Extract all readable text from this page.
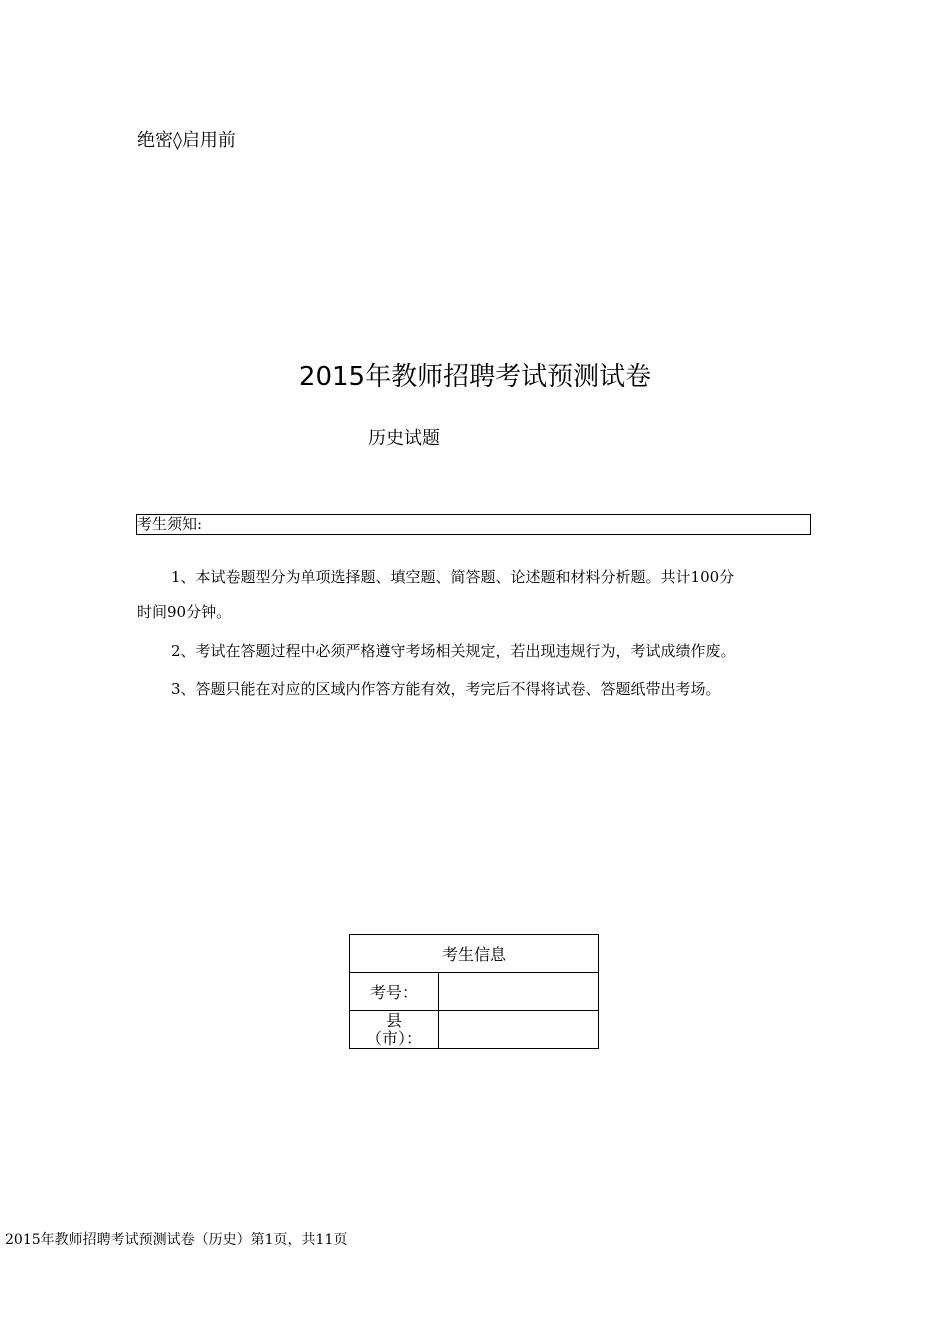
绝密◊启用前
2015年教师招聘考试预测试卷
历史试题
考生须知:
1、本试卷题型分为单项选择题、填空题、简答题、论述题和材料分析题。共计100分
时间90分钟。
2、考试在答题过程中必须严格遵守考场相关规定，若出现违规行为，考试成绩作废。
3、答题只能在对应的区域内作答方能有效，考完后不得将试卷、答题纸带出考场。
考生信息	
考号：	

县
（市）：	

2015年教师招聘考试预测试卷（历史）第1页，共11页
